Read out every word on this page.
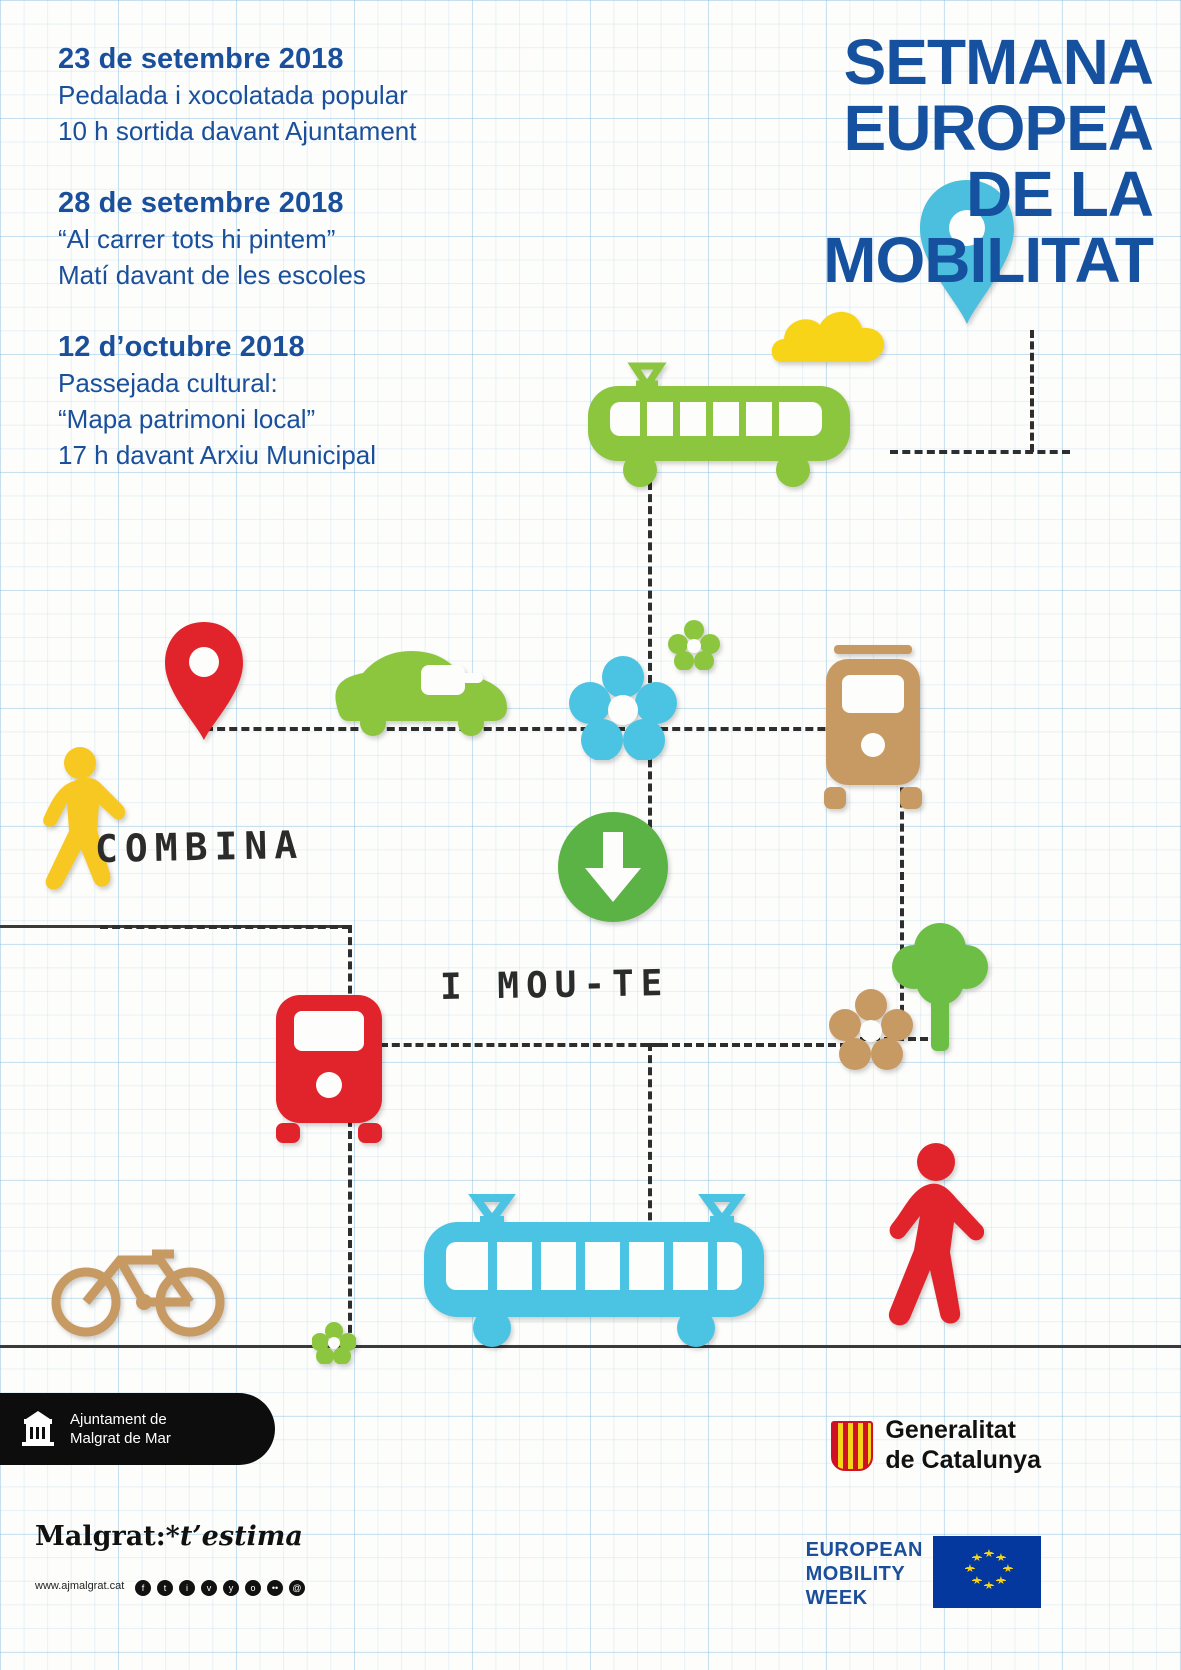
SETMANA
EUROPEA
DE LA
MOBILITAT
23 de setembre 2018
Pedalada i xocolatada popular
10 h sortida davant Ajuntament
28 de setembre 2018
“Al carrer tots hi pintem”
Matí davant de les escoles
12 d’octubre 2018
Passejada cultural:
“Mapa patrimoni local”
17 h davant Arxiu Municipal
COMBINA
I MOU-TE
Ajuntament de
Malgrat de Mar
Malgrat:*t’estima
www.ajmalgrat.cat	f	t	i	v	y	o	••	@
Generalitat
de Catalunya
EUROPEAN
MOBILITY
WEEK
★ ★
★
★
★
★
★
★
